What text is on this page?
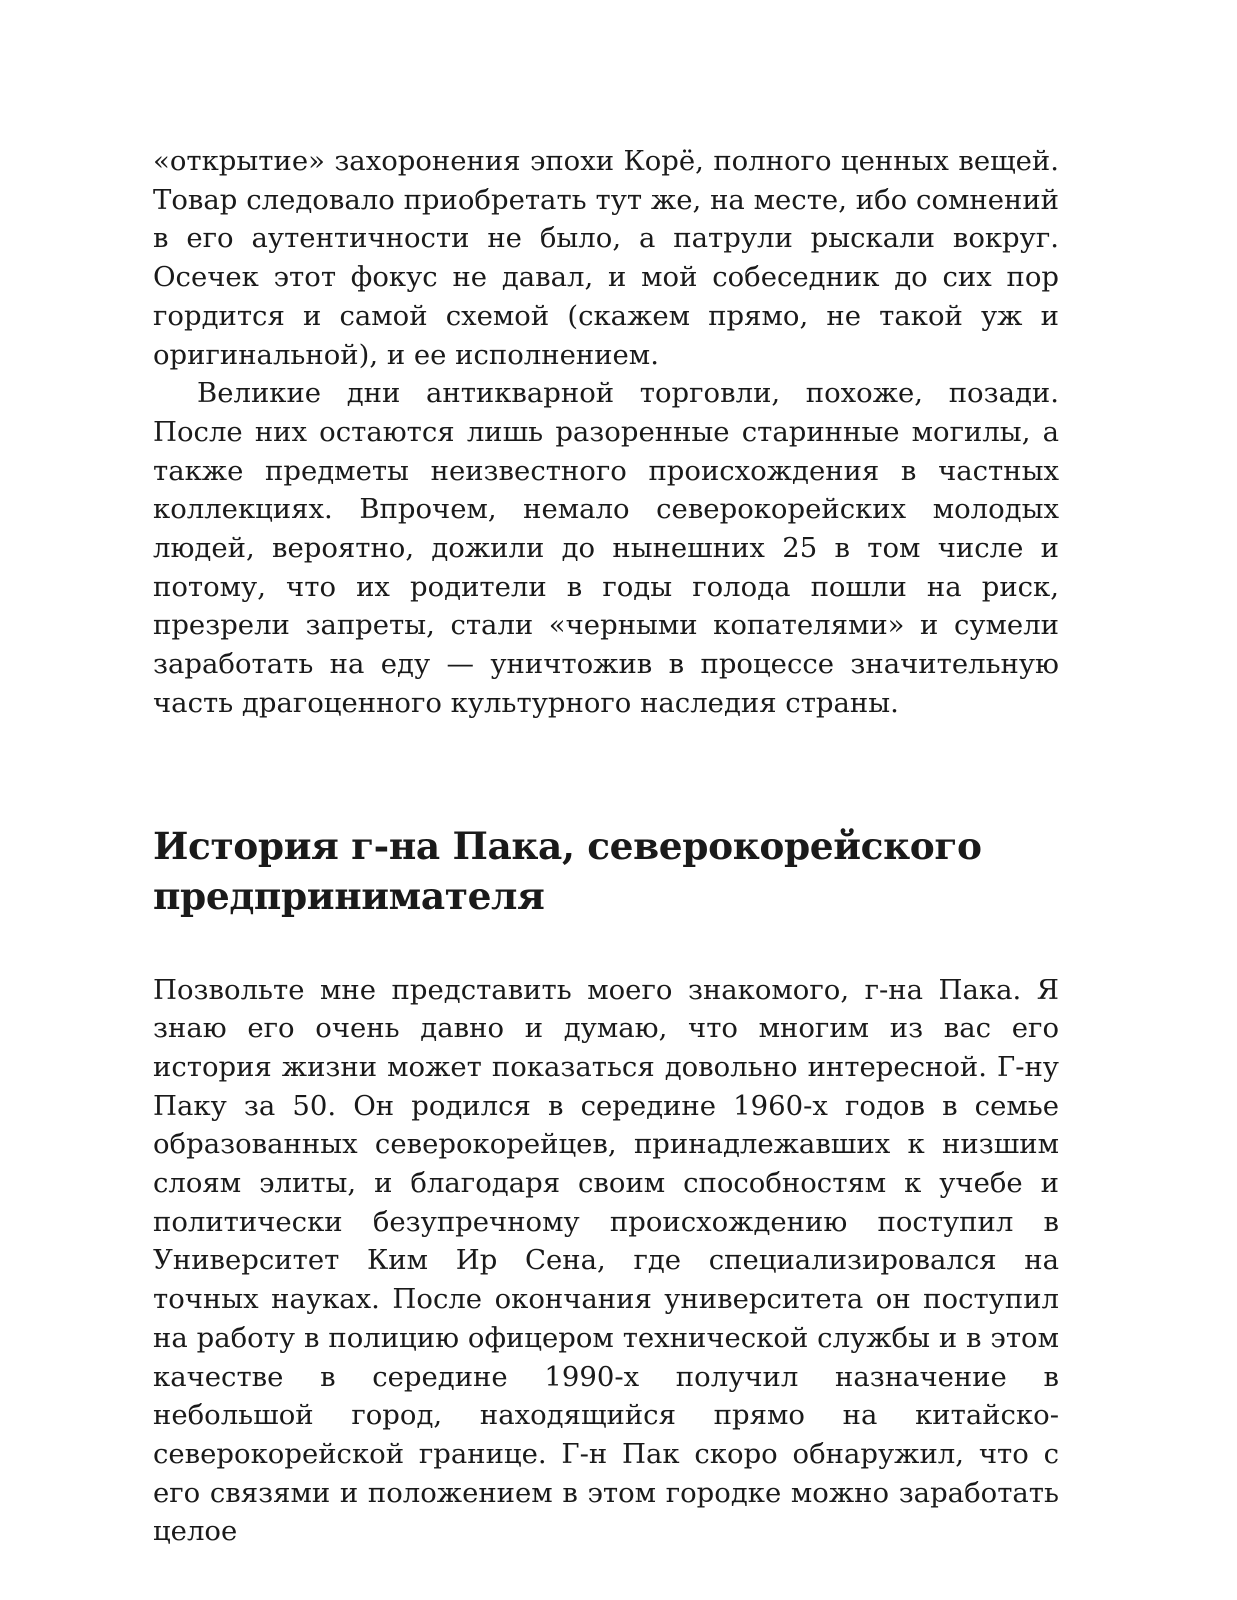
«открытие» захоронения эпохи Корё, полного ценных вещей. Товар следовало приобретать тут же, на месте, ибо сомнений в его аутентичности не было, а патрули рыскали вокруг. Осечек этот фокус не давал, и мой собеседник до сих пор гордится и самой схемой (скажем прямо, не такой уж и оригинальной), и ее исполнением.

Великие дни антикварной торговли, похоже, позади. После них остаются лишь разоренные старинные могилы, а также предметы неизвестного происхождения в частных коллекциях. Впрочем, немало северокорейских молодых людей, вероятно, дожили до нынешних 25 в том числе и потому, что их родители в годы голода пошли на риск, презрели запреты, стали «черными копателями» и сумели заработать на еду — уничтожив в процессе значительную часть драгоценного культурного наследия страны.

История г-на Пака, северокорейского предпринимателя

Позвольте мне представить моего знакомого, г-на Пака. Я знаю его очень давно и думаю, что многим из вас его история жизни может показаться довольно интересной. Г-ну Паку за 50. Он родился в середине 1960-х годов в семье образованных северокорейцев, принадлежавших к низшим слоям элиты, и благодаря своим способностям к учебе и политически безупречному происхождению поступил в Университет Ким Ир Сена, где специализировался на точных науках. После окончания университета он поступил на работу в полицию офицером технической службы и в этом качестве в середине 1990-х получил назначение в небольшой город, находящийся прямо на китайско-северокорейской границе. Г-н Пак скоро обнаружил, что с его связями и положением в этом городке можно заработать целое
